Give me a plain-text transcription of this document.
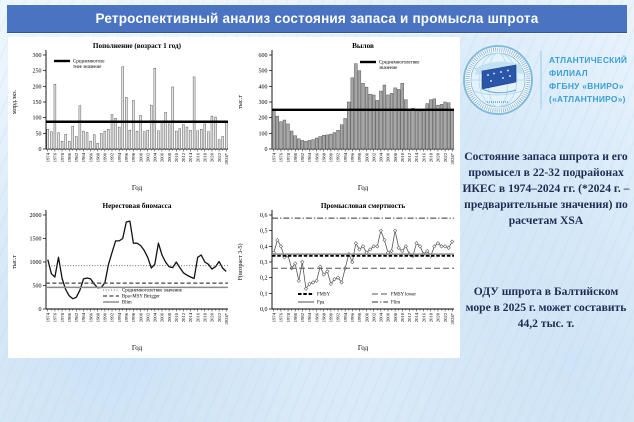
Ретроспективный анализ состояния запаса и промысла шпрота
Пополнение (возраст 1 год)
0
50
100
150
200
250
300
1974 1976 1978 1980 1982 1984 1986 1988 1990 1992 1994 1996 1998 2000 2002 2004 2006 2008 2010 2012 2014 2016 2018 2020 2022 2024*
млрд.экз.
Год
Среднемноголе
тнее значение
Вылов
0
100
200
300
400
500
600
1974 1976 1978 1980 1982 1984 1986 1988 1990 1992 1994 1996 1998 2000 2002 2004 2006 2008 2010 2012 2014 2016 2018 2020 2022 2024*
тыс.т
Год
Среднемноголетнее
значение
Нерестовая биомасса
0
500
1000
1500
2000
1974 1976 1978 1980 1982 1984 1986 1988 1990 1992 1994 1996 1998 2000 2002 2004 2006 2008 2010 2012 2014 2016 2018 2020 2022 2024*
тыс.т
Год
Среднемноголетнее значение
Bpa=MSY Btrigger
Blim
Промысловая смертность
0,0
0,1
0,2
0,3
0,4
0,5
0,6
1974 1976 1978 1980 1982 1984 1986 1988 1990 1992 1994 1996 1998 2000 2002 2004 2006 2008 2010 2012 2014 2016 2018 2020 2022 2024*
F(возраст 3-5)
Год
FMSY
Fpa
FMSY lower
Flim
АТЛАНТИЧЕСКИЙ
ФИЛИАЛ
ФГБНУ «ВНИРО»
(«АТЛАНТНИРО»)

Состояние запаса шпрота и его промысел в 22-32 подрайонах ИКЕС в 1974–2024 гг. (*2024 г. – предварительные значения) по расчетам XSA

ОДУ шпрота в Балтийском море в 2025 г. может составить 44,2 тыс. т.
